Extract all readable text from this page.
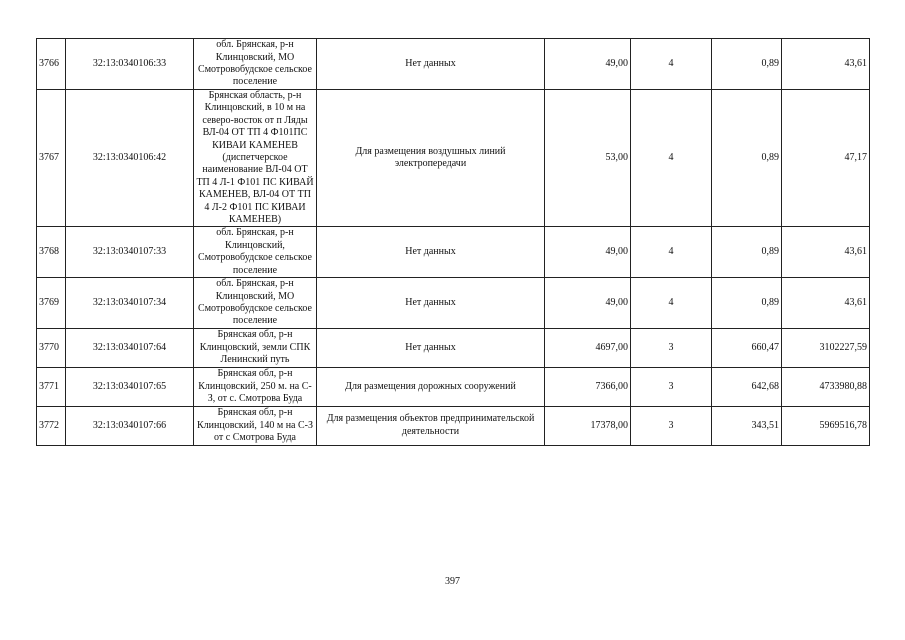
3766	32:13:0340106:33	обл. Брянская, р-н Клинцовский, МО Смотровобудское сельское поселение	Нет данных	49,00	4	0,89	43,61
3767	32:13:0340106:42	Брянская область, р-н Клинцовский, в 10 м на северо-восток от п Ляды ВЛ-04 ОТ ТП 4 Ф101ПС КИВАИ КАМЕНЕВ (диспетчерское наименование ВЛ-04 ОТ ТП 4 Л-1 Ф101 ПС КИВАЙ КАМЕНЕВ, ВЛ-04 ОТ ТП 4 Л-2 Ф101 ПС КИВАИ КАМЕНЕВ)	Для размещения воздушных линий электропередачи	53,00	4	0,89	47,17
3768	32:13:0340107:33	обл. Брянская, р-н Клинцовский, Смотровобудское сельское поселение	Нет данных	49,00	4	0,89	43,61
3769	32:13:0340107:34	обл. Брянская, р-н Клинцовский, МО Смотровобудское сельское поселение	Нет данных	49,00	4	0,89	43,61
3770	32:13:0340107:64	Брянская обл, р-н Клинцовский, земли СПК Ленинский путь	Нет данных	4697,00	3	660,47	3102227,59
3771	32:13:0340107:65	Брянская обл, р-н Клинцовский, 250 м. на С-З, от с. Смотрова Буда	Для размещения дорожных сооружений	7366,00	3	642,68	4733980,88
3772	32:13:0340107:66	Брянская обл, р-н Клинцовский, 140 м на С-З от с Смотрова Буда	Для размещения объектов предпринимательской деятельности	17378,00	3	343,51	5969516,78
397
